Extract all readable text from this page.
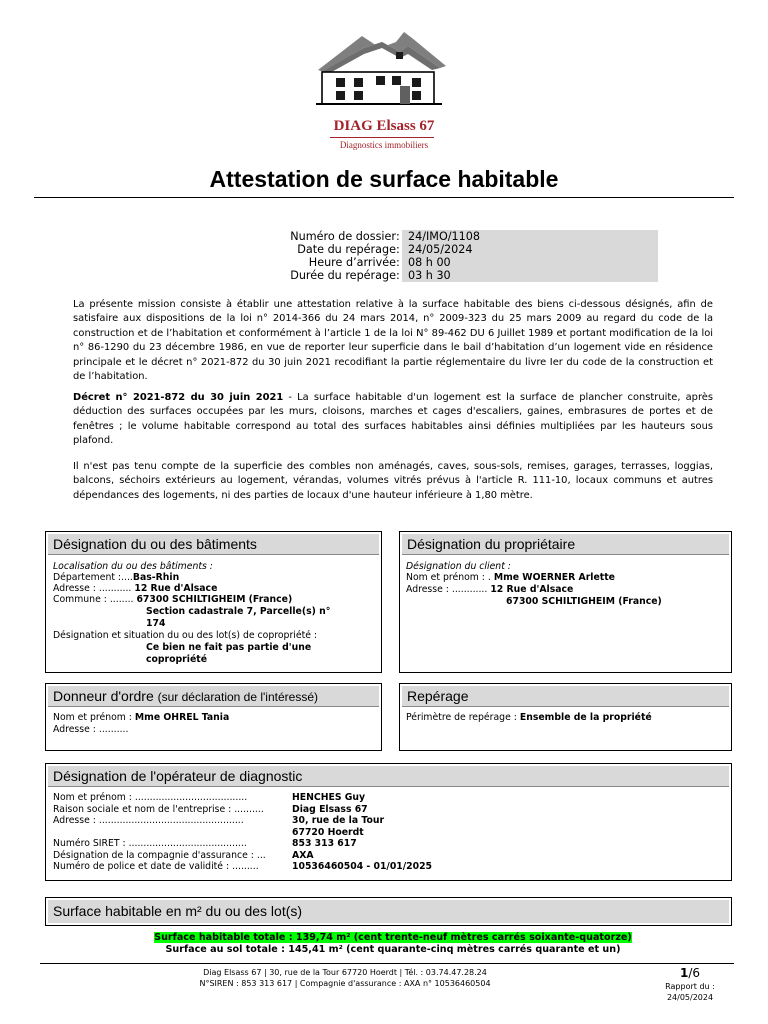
DIAG Elsass 67
Diagnostics immobiliers
Attestation de surface habitable
Numéro de dossier : 24/IMO/1108
Date du repérage : 24/05/2024
Heure d’arrivée : 08 h 00
Durée du repérage : 03 h 30
La présente mission consiste à établir une attestation relative à la surface habitable des biens ci-dessous désignés, afin de satisfaire aux dispositions de la loi n° 2014-366 du 24 mars 2014, n° 2009-323 du 25 mars 2009 au regard du code de la construction et de l’habitation et conformément à l’article 1 de la loi N° 89-462 DU 6 Juillet 1989 et portant modification de la loi n° 86-1290 du 23 décembre 1986, en vue de reporter leur superficie dans le bail d’habitation d’un logement vide en résidence principale et le décret n° 2021-872 du 30 juin 2021 recodifiant la partie réglementaire du livre Ier du code de la construction et de l’habitation.
Décret n° 2021-872 du 30 juin 2021 - La surface habitable d'un logement est la surface de plancher construite, après déduction des surfaces occupées par les murs, cloisons, marches et cages d'escaliers, gaines, embrasures de portes et de fenêtres ; le volume habitable correspond au total des surfaces habitables ainsi définies multipliées par les hauteurs sous plafond.
Il n'est pas tenu compte de la superficie des combles non aménagés, caves, sous-sols, remises, garages, terrasses, loggias, balcons, séchoirs extérieurs au logement, vérandas, volumes vitrés prévus à l'article R. 111-10, locaux communs et autres dépendances des logements, ni des parties de locaux d'une hauteur inférieure à 1,80 mètre.
Désignation du ou des bâtiments
Localisation du ou des bâtiments :
Département :....Bas-Rhin
Adresse : ........... 12 Rue d'Alsace
Commune : ........ 67300 SCHILTIGHEIM (France)
Section cadastrale 7, Parcelle(s) n°
174
Désignation et situation du ou des lot(s) de copropriété :
Ce bien ne fait pas partie d'une
copropriété
Désignation du propriétaire
Désignation du client :
Nom et prénom : . Mme WOERNER Arlette
Adresse : ............ 12 Rue d'Alsace
67300 SCHILTIGHEIM (France)
Donneur d'ordre (sur déclaration de l'intéressé)
Nom et prénom : Mme OHREL Tania
Adresse : ..........
Repérage
Périmètre de repérage : Ensemble de la propriété
Désignation de l'opérateur de diagnostic
Nom et prénom : ......................................	HENCHES Guy
Raison sociale et nom de l'entreprise : ..........	Diag Elsass 67
Adresse : .................................................	30, rue de la Tour
67720 Hoerdt
Numéro SIRET : ........................................	853 313 617
Désignation de la compagnie d'assurance : ...	AXA
Numéro de police et date de validité : .........	10536460504 - 01/01/2025
Surface habitable en m² du ou des lot(s)
Surface habitable totale : 139,74 m² (cent trente-neuf mètres carrés soixante-quatorze)
Surface au sol totale : 145,41 m² (cent quarante-cinq mètres carrés quarante et un)
Diag Elsass 67 | 30, rue de la Tour 67720 Hoerdt | Tél. : 03.74.47.28.24
N°SIREN : 853 313 617 | Compagnie d'assurance : AXA n° 10536460504
1/6
Rapport du :
24/05/2024
